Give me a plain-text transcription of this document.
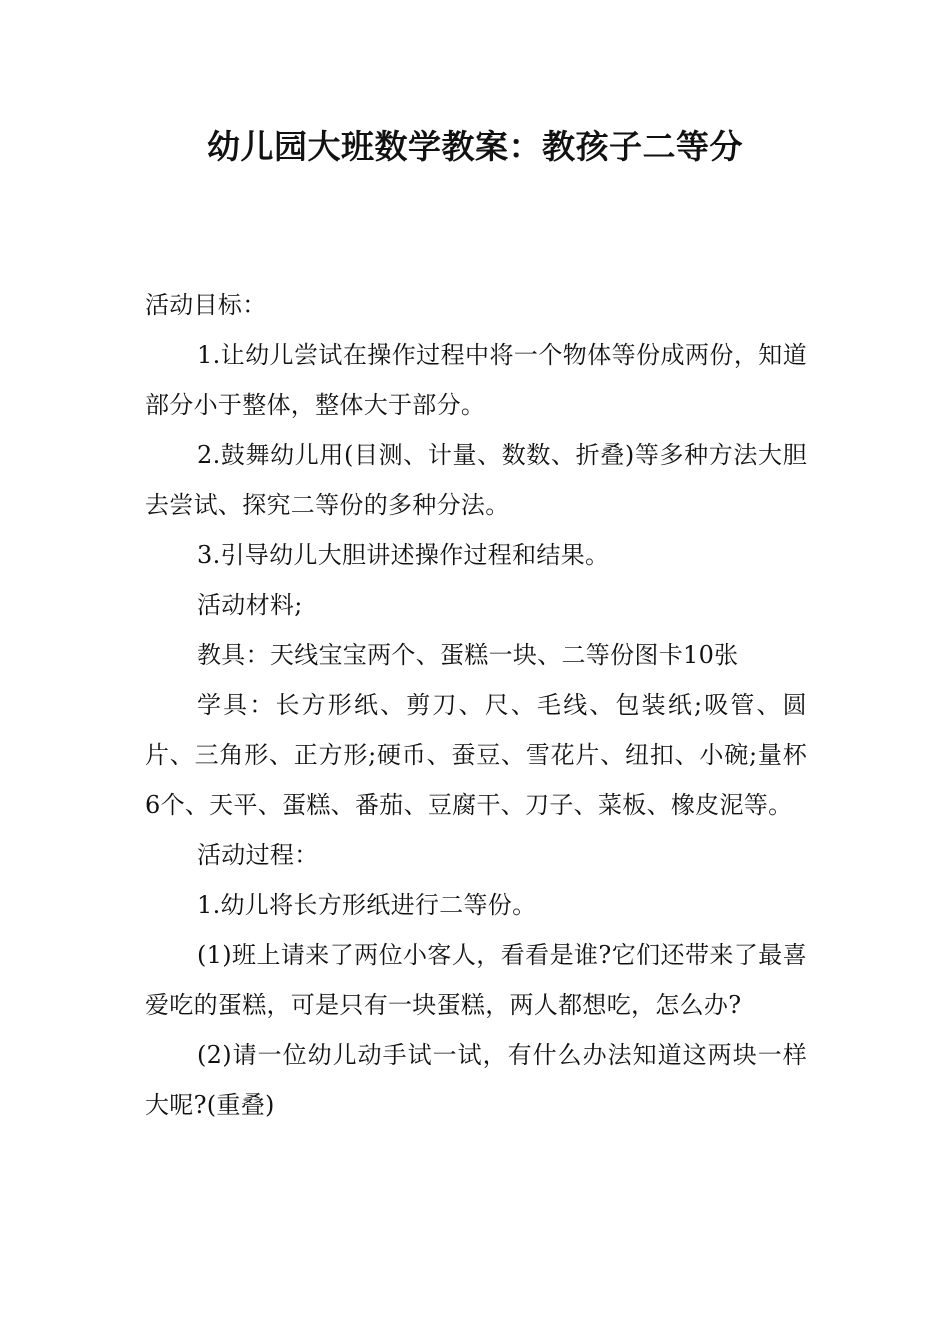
幼儿园大班数学教案：教孩子二等分

活动目标：

1.让幼儿尝试在操作过程中将一个物体等份成两份，知道部分小于整体，整体大于部分。

2.鼓舞幼儿用(目测、计量、数数、折叠)等多种方法大胆去尝试、探究二等份的多种分法。

3.引导幼儿大胆讲述操作过程和结果。

活动材料;

教具：天线宝宝两个、蛋糕一块、二等份图卡10张

学具：长方形纸、剪刀、尺、毛线、包装纸;吸管、圆片、三角形、正方形;硬币、蚕豆、雪花片、纽扣、小碗;量杯6个、天平、蛋糕、番茄、豆腐干、刀子、菜板、橡皮泥等。

活动过程：

1.幼儿将长方形纸进行二等份。

(1)班上请来了两位小客人，看看是谁?它们还带来了最喜爱吃的蛋糕，可是只有一块蛋糕，两人都想吃，怎么办?

(2)请一位幼儿动手试一试，有什么办法知道这两块一样大呢?(重叠)
